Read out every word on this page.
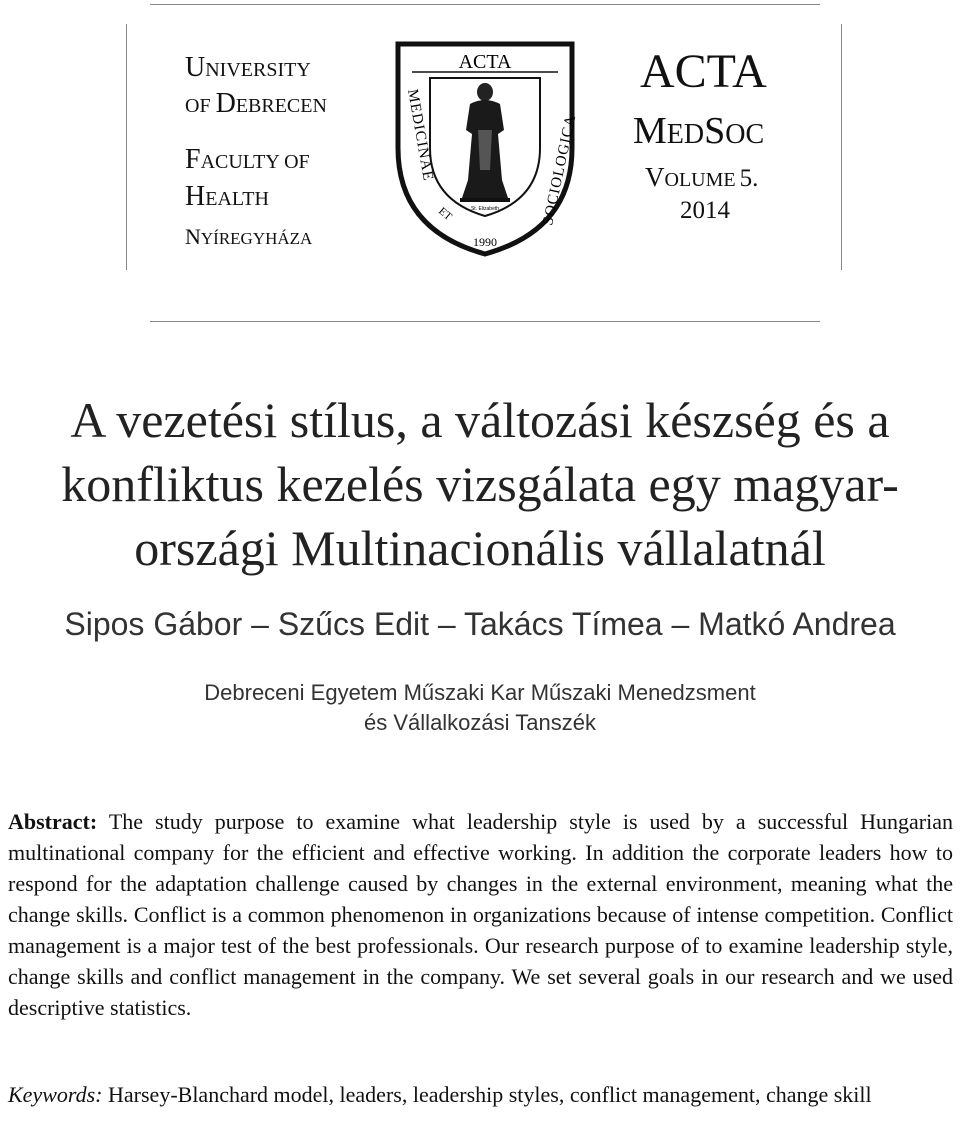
UNIVERSITY
OF DEBRECEN
FACULTY OF
HEALTH
NYÍREGYHÁZA
ACTA
MEDICINAE	SOCIOLOGICA
ET
1990
St. Elizabeth
ACTA
MEDSOC
VOLUME 5.
2014
A vezetési stílus, a változási készség és a
konfliktus kezelés vizsgálata egy magyar-
országi Multinacionális vállalatnál
Sipos Gábor – Szűcs Edit – Takács Tímea – Matkó Andrea
Debreceni Egyetem Műszaki Kar Műszaki Menedzsment
és Vállalkozási Tanszék

Abstract: The study purpose to examine what leadership style is used by a successful Hungarian multinational company for the efficient and effective working. In addition the corporate leaders how to respond for the adaptation challenge caused by changes in the external environment, meaning what the change skills. Conflict is a common phenomenon in organizations because of intense competition. Conflict management is a major test of the best professionals. Our research purpose of to examine leadership style, change skills and conflict management in the company. We set several goals in our research and we used descriptive statistics.

Keywords: Harsey-Blanchard model, leaders, leadership styles, conflict management, change skill
